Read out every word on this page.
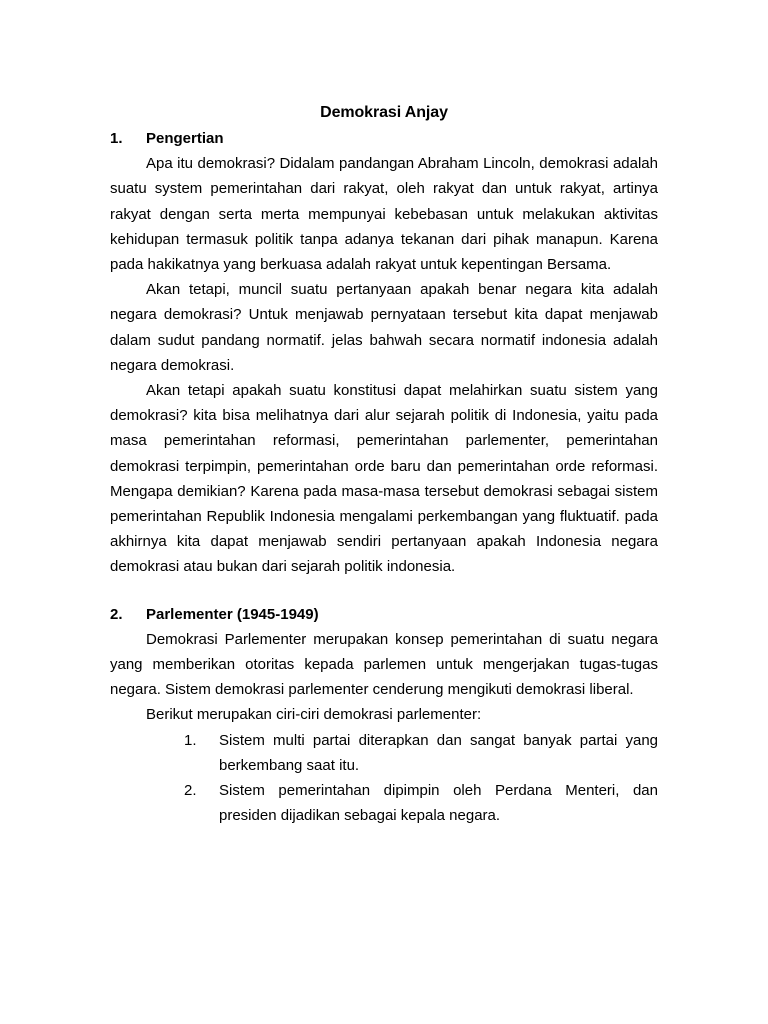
Demokrasi Anjay
1.	Pengertian

Apa itu demokrasi? Didalam pandangan Abraham Lincoln, demokrasi adalah suatu system pemerintahan dari rakyat, oleh rakyat dan untuk rakyat, artinya rakyat dengan serta merta mempunyai kebebasan untuk melakukan aktivitas kehidupan termasuk politik tanpa adanya tekanan dari pihak manapun. Karena pada hakikatnya yang berkuasa adalah rakyat untuk kepentingan Bersama.

Akan tetapi, muncil suatu pertanyaan apakah benar negara kita adalah negara demokrasi? Untuk menjawab pernyataan tersebut kita dapat menjawab dalam sudut pandang normatif. jelas bahwah secara normatif indonesia adalah negara demokrasi.

Akan tetapi apakah suatu konstitusi dapat melahirkan suatu sistem yang demokrasi? kita bisa melihatnya dari alur sejarah politik di Indonesia, yaitu pada masa pemerintahan reformasi, pemerintahan parlementer, pemerintahan demokrasi terpimpin, pemerintahan orde baru dan pemerintahan orde reformasi. Mengapa demikian? Karena pada masa-masa tersebut demokrasi sebagai sistem pemerintahan Republik Indonesia mengalami perkembangan yang fluktuatif. pada akhirnya kita dapat menjawab sendiri pertanyaan apakah Indonesia negara demokrasi atau bukan dari sejarah politik indonesia.

2.	Parlementer (1945-1949)

Demokrasi Parlementer merupakan konsep pemerintahan di suatu negara yang memberikan otoritas kepada parlemen untuk mengerjakan tugas-tugas negara. Sistem demokrasi parlementer cenderung mengikuti demokrasi liberal.

Berikut merupakan ciri-ciri demokrasi parlementer:

1.	Sistem multi partai diterapkan dan sangat banyak partai yang berkembang saat itu.
2.	Sistem pemerintahan dipimpin oleh Perdana Menteri, dan presiden dijadikan sebagai kepala negara.
